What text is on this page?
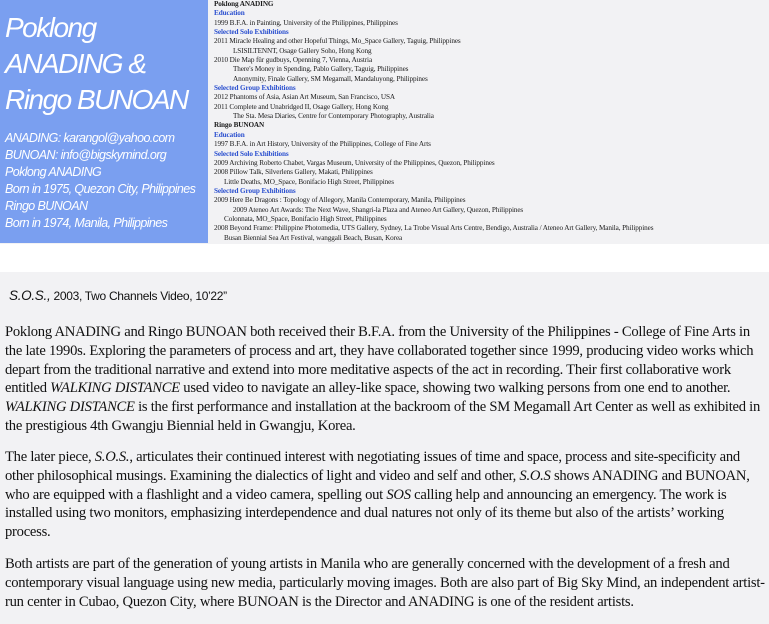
Poklong
ANADING &
Ringo BUNOAN
ANADING: karangol@yahoo.com
BUNOAN: info@bigskymind.org
Poklong ANADING
Born in 1975, Quezon City, Philippines
Ringo BUNOAN
Born in 1974, Manila, Philippines
Poklong ANADING
Education
1999 B.F.A. in Painting, University of the Philippines, Philippines
Selected Solo Exhibitions
2011 Miracle Healing and other Hopeful Things, Mo_Space Gallery, Taguig, Philippines
LSISILTENNT, Osage Gallery Soho, Hong Kong
2010 Die Map für gudbuys, Openning 7, Vienna, Austria
There's Money in Spending, Pablo Gallery, Taguig, Philippines
Anonymity, Finale Gallery, SM Megamall, Mandaluyong, Philippines
Selected Group Exhibitions
2012 Phantoms of Asia, Asian Art Museum, San Francisco, USA
2011 Complete and Unabridged II, Osage Gallery, Hong Kong
The Sta. Mesa Diaries, Centre for Contemporary Photography, Australia
Ringo BUNOAN
Education
1997 B.F.A. in Art History, University of the Philippines, College of Fine Arts
Selected Solo Exhibitions
2009 Archiving Roberto Chabet, Vargas Museum, University of the Philippines, Quezon, Philippines
2008 Pillow Talk, Silverlens Gallery, Makati, Philippines
Little Deaths, MO_Space, Bonifacio High Street, Philippines
Selected Group Exhibitions
2009 Here Be Dragons : Topology of Allegory, Manila Contemporary, Manila, Philippines
2009 Ateneo Art Awards: The Next Wave, Shangri-la Plaza and Ateneo Art Gallery, Quezon, Philippines
Colonnata, MO_Space, Bonifacio High Street, Philippines
2008 Beyond Frame: Philippine Photomedia, UTS Gallery, Sydney, La Trobe Visual Arts Centre, Bendigo, Australia / Ateneo Art Gallery, Manila, Philippines
Busan Biennial Sea Art Festival, wanggali Beach, Busan, Korea
S.O.S., 2003, Two Channels Video, 10’22”
Poklong ANADING and Ringo BUNOAN both received their B.F.A. from the University of the Philippines - College of Fine Arts in the late 1990s. Exploring the parameters of process and art, they have collaborated together since 1999, producing video works which depart from the traditional narrative and extend into more meditative aspects of the act in recording. Their first collaborative work entitled WALKING DISTANCE used video to navigate an alley-like space, showing two walking persons from one end to another. WALKING DISTANCE is the first performance and installation at the backroom of the SM Megamall Art Center as well as exhibited in the prestigious 4th Gwangju Biennial held in Gwangju, Korea.
The later piece, S.O.S., articulates their continued interest with negotiating issues of time and space, process and site-specificity and other philosophical musings. Examining the dialectics of light and video and self and other, S.O.S shows ANADING and BUNOAN, who are equipped with a flashlight and a video camera, spelling out SOS calling help and announcing an emergency. The work is installed using two monitors, emphasizing interdependence and dual natures not only of its theme but also of the artists’ working process.
Both artists are part of the generation of young artists in Manila who are generally concerned with the development of a fresh and contemporary visual language using new media, particularly moving images. Both are also part of Big Sky Mind, an independent artist-run center in Cubao, Quezon City, where BUNOAN is the Director and ANADING is one of the resident artists.
